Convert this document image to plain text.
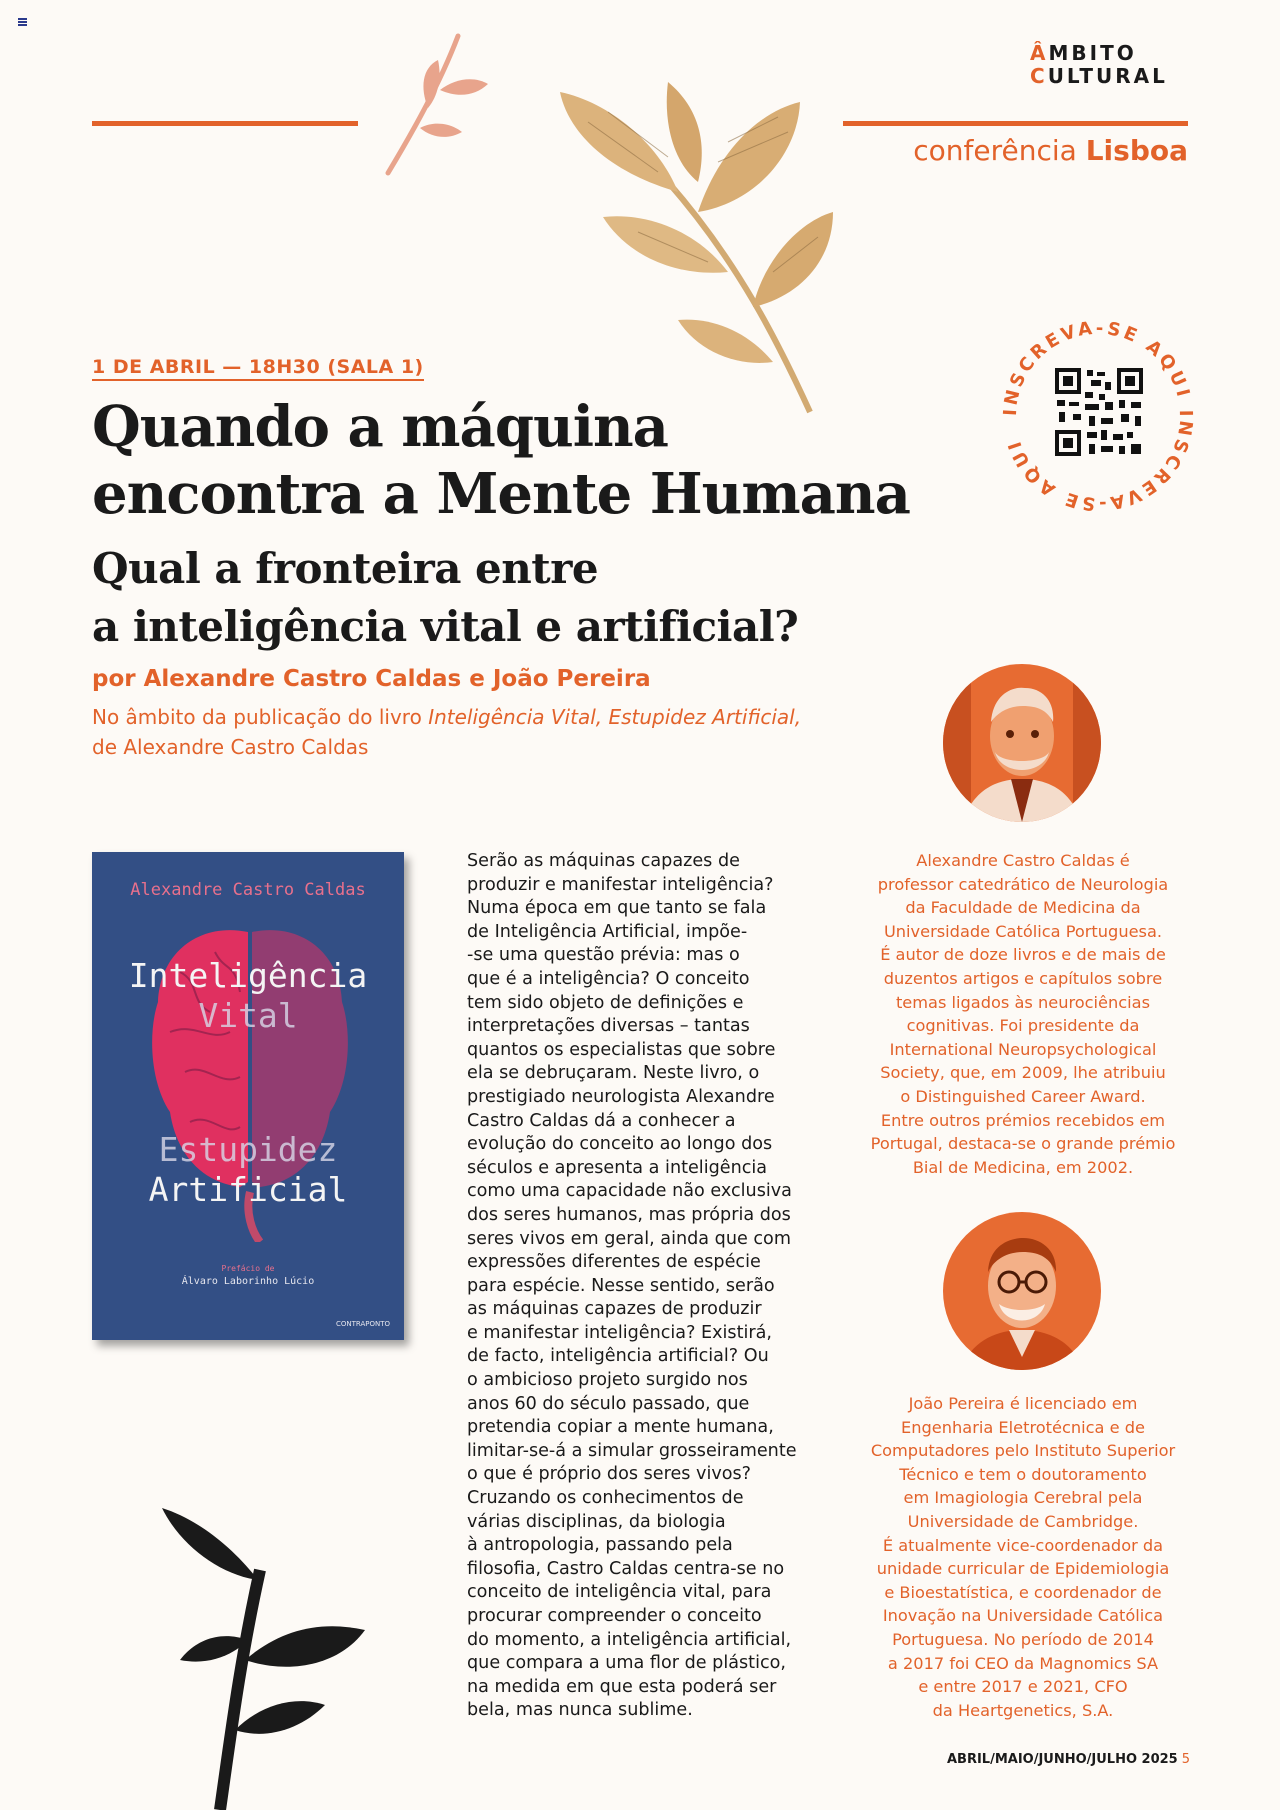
ÂMBITO
CULTURAL
conferência Lisboa
INSCREVA-SE AQUI INSCREVA-SE AQUI
1 DE ABRIL — 18H30 (SALA 1)
Quando a máquina
encontra a Mente Humana
Qual a fronteira entre
a inteligência vital e artificial?
por Alexandre Castro Caldas e João Pereira
No âmbito da publicação do livro Inteligência Vital, Estupidez Artificial,
de Alexandre Castro Caldas
Alexandre Castro Caldas
Inteligência
Vital
Estupidez
Artificial
Prefácio de
Álvaro Laborinho Lúcio
CONTRAPONTO
Serão as máquinas capazes de
produzir e manifestar inteligência?
Numa época em que tanto se fala
de Inteligência Artificial, impõe-
-se uma questão prévia: mas o
que é a inteligência? O conceito
tem sido objeto de definições e
interpretações diversas – tantas
quantos os especialistas que sobre
ela se debruçaram. Neste livro, o
prestigiado neurologista Alexandre
Castro Caldas dá a conhecer a
evolução do conceito ao longo dos
séculos e apresenta a inteligência
como uma capacidade não exclusiva
dos seres humanos, mas própria dos
seres vivos em geral, ainda que com
expressões diferentes de espécie
para espécie. Nesse sentido, serão
as máquinas capazes de produzir
e manifestar inteligência? Existirá,
de facto, inteligência artificial? Ou
o ambicioso projeto surgido nos
anos 60 do século passado, que
pretendia copiar a mente humana,
limitar-se-á a simular grosseiramente
o que é próprio dos seres vivos?
Cruzando os conhecimentos de
várias disciplinas, da biologia
à antropologia, passando pela
filosofia, Castro Caldas centra-se no
conceito de inteligência vital, para
procurar compreender o conceito
do momento, a inteligência artificial,
que compara a uma flor de plástico,
na medida em que esta poderá ser
bela, mas nunca sublime.
Alexandre Castro Caldas é
professor catedrático de Neurologia
da Faculdade de Medicina da
Universidade Católica Portuguesa.
É autor de doze livros e de mais de
duzentos artigos e capítulos sobre
temas ligados às neurociências
cognitivas. Foi presidente da
International Neuropsychological
Society, que, em 2009, lhe atribuiu
o Distinguished Career Award.
Entre outros prémios recebidos em
Portugal, destaca-se o grande prémio
Bial de Medicina, em 2002.
João Pereira é licenciado em
Engenharia Eletrotécnica e de
Computadores pelo Instituto Superior
Técnico e tem o doutoramento
em Imagiologia Cerebral pela
Universidade de Cambridge.
É atualmente vice-coordenador da
unidade curricular de Epidemiologia
e Bioestatística, e coordenador de
Inovação na Universidade Católica
Portuguesa. No período de 2014
a 2017 foi CEO da Magnomics SA
e entre 2017 e 2021, CFO
da Heartgenetics, S.A.
ABRIL/MAIO/JUNHO/JULHO 2025 5
